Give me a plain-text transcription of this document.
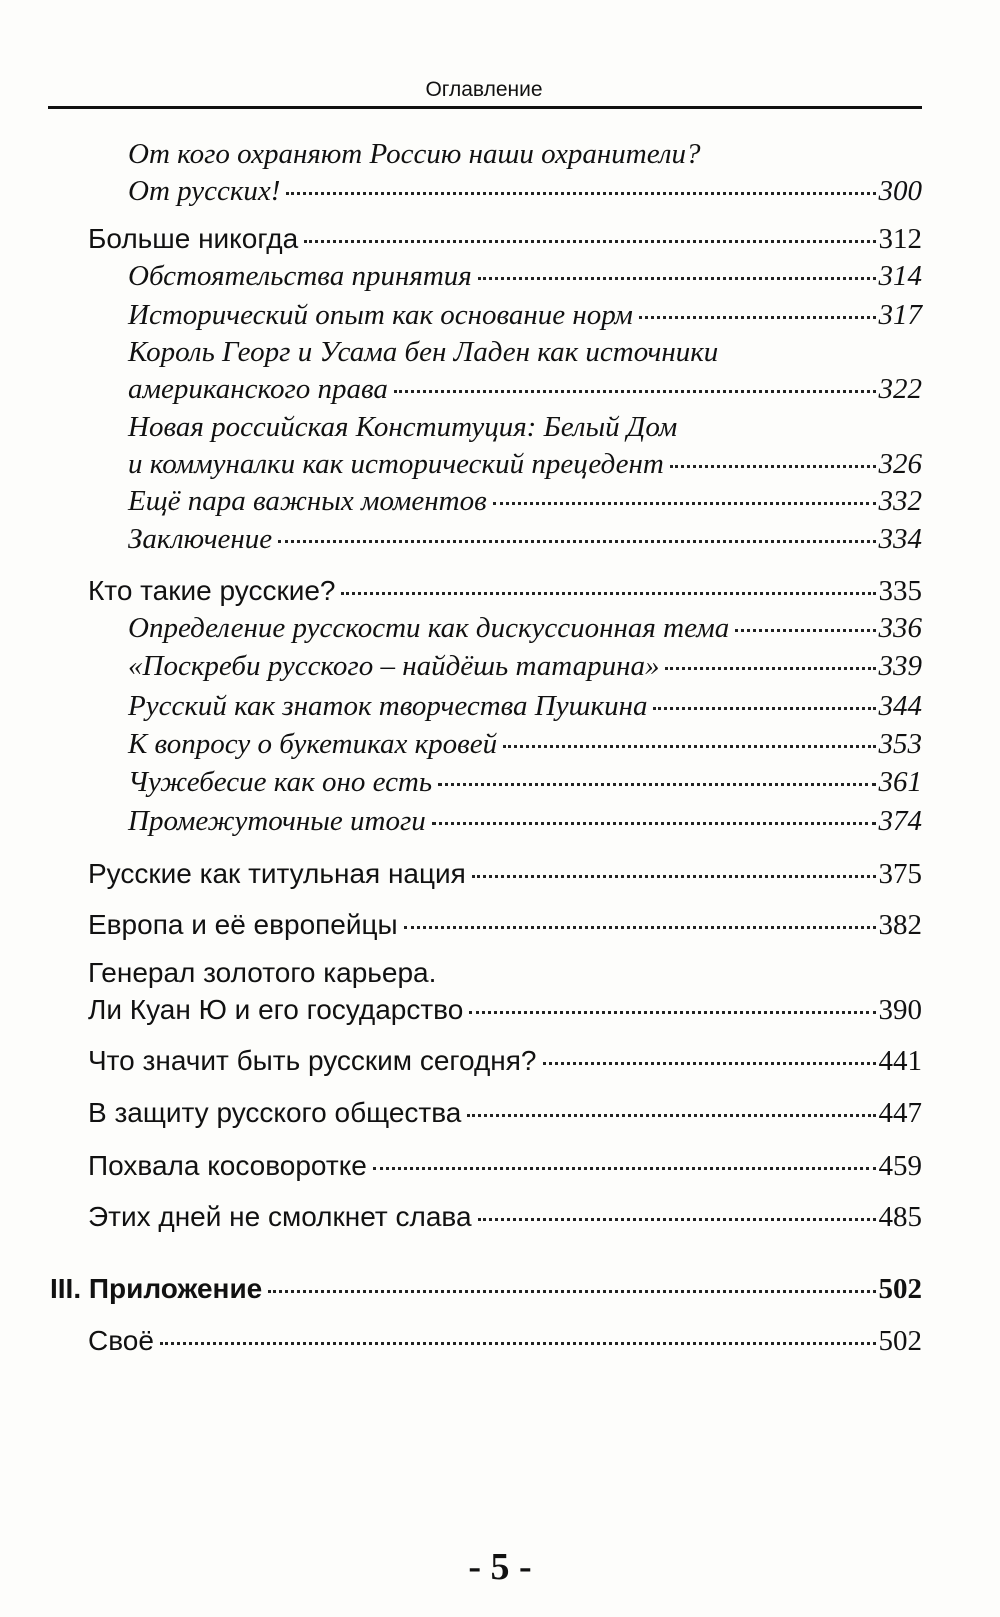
Оглавление
От кого охраняют Россию наши охранители?
От русских!	300
Больше никогда	312
Обстоятельства принятия	314
Исторический опыт как основание норм	317
Король Георг и Усама бен Ладен как источники
американского права	322
Новая российская Конституция: Белый Дом
и коммуналки как исторический прецедент	326
Ещё пара важных моментов	332
Заключение	334
Кто такие русские?	335
Определение русскости как дискуссионная тема	336
«Поскреби русского – найдёшь татарина»	339
Русский как знаток творчества Пушкина	344
К вопросу о букетиках кровей	353
Чужебесие как оно есть	361
Промежуточные итоги	374
Русские как титульная нация	375
Европа и её европейцы	382
Генерал золотого карьера.
Ли Куан Ю и его государство	390
Что значит быть русским сегодня?	441
В защиту русского общества	447
Похвала косоворотке	459
Этих дней не смолкнет слава	485
III. Приложение	502
Своё	502
- 5 -
